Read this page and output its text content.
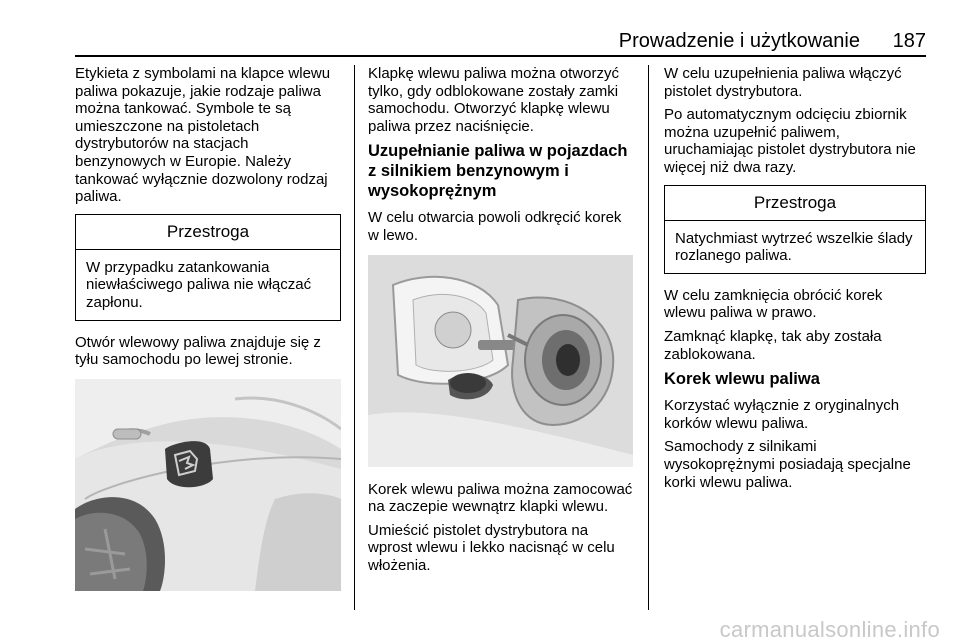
Prowadzenie i użytkowanie 187

Etykieta z symbolami na klapce wlewu paliwa pokazuje, jakie rodzaje paliwa można tankować. Symbole te są umieszczone na pistoletach dystrybutorów na stacjach benzynowych w Europie. Należy tankować wyłącznie dozwolony rodzaj paliwa.

Przestroga
W przypadku zatankowania niewłaściwego paliwa nie włączać zapłonu.

Otwór wlewowy paliwa znajduje się z tyłu samochodu po lewej stronie.

Klapkę wlewu paliwa można otworzyć tylko, gdy odblokowane zostały zamki samochodu. Otworzyć klapkę wlewu paliwa przez naciśnięcie.

Uzupełnianie paliwa w pojazdach z silnikiem benzynowym i wysokoprężnym

W celu otwarcia powoli odkręcić korek w lewo.

Korek wlewu paliwa można zamocować na zaczepie wewnątrz klapki wlewu.

Umieścić pistolet dystrybutora na wprost wlewu i lekko nacisnąć w celu włożenia.

W celu uzupełnienia paliwa włączyć pistolet dystrybutora.

Po automatycznym odcięciu zbiornik można uzupełnić paliwem, uruchamiając pistolet dystrybutora nie więcej niż dwa razy.

Przestroga
Natychmiast wytrzeć wszelkie ślady rozlanego paliwa.

W celu zamknięcia obrócić korek wlewu paliwa w prawo.

Zamknąć klapkę, tak aby została zablokowana.

Korek wlewu paliwa

Korzystać wyłącznie z oryginalnych korków wlewu paliwa.

Samochody z silnikami wysokoprężnymi posiadają specjalne korki wlewu paliwa.

carmanualsonline.info
